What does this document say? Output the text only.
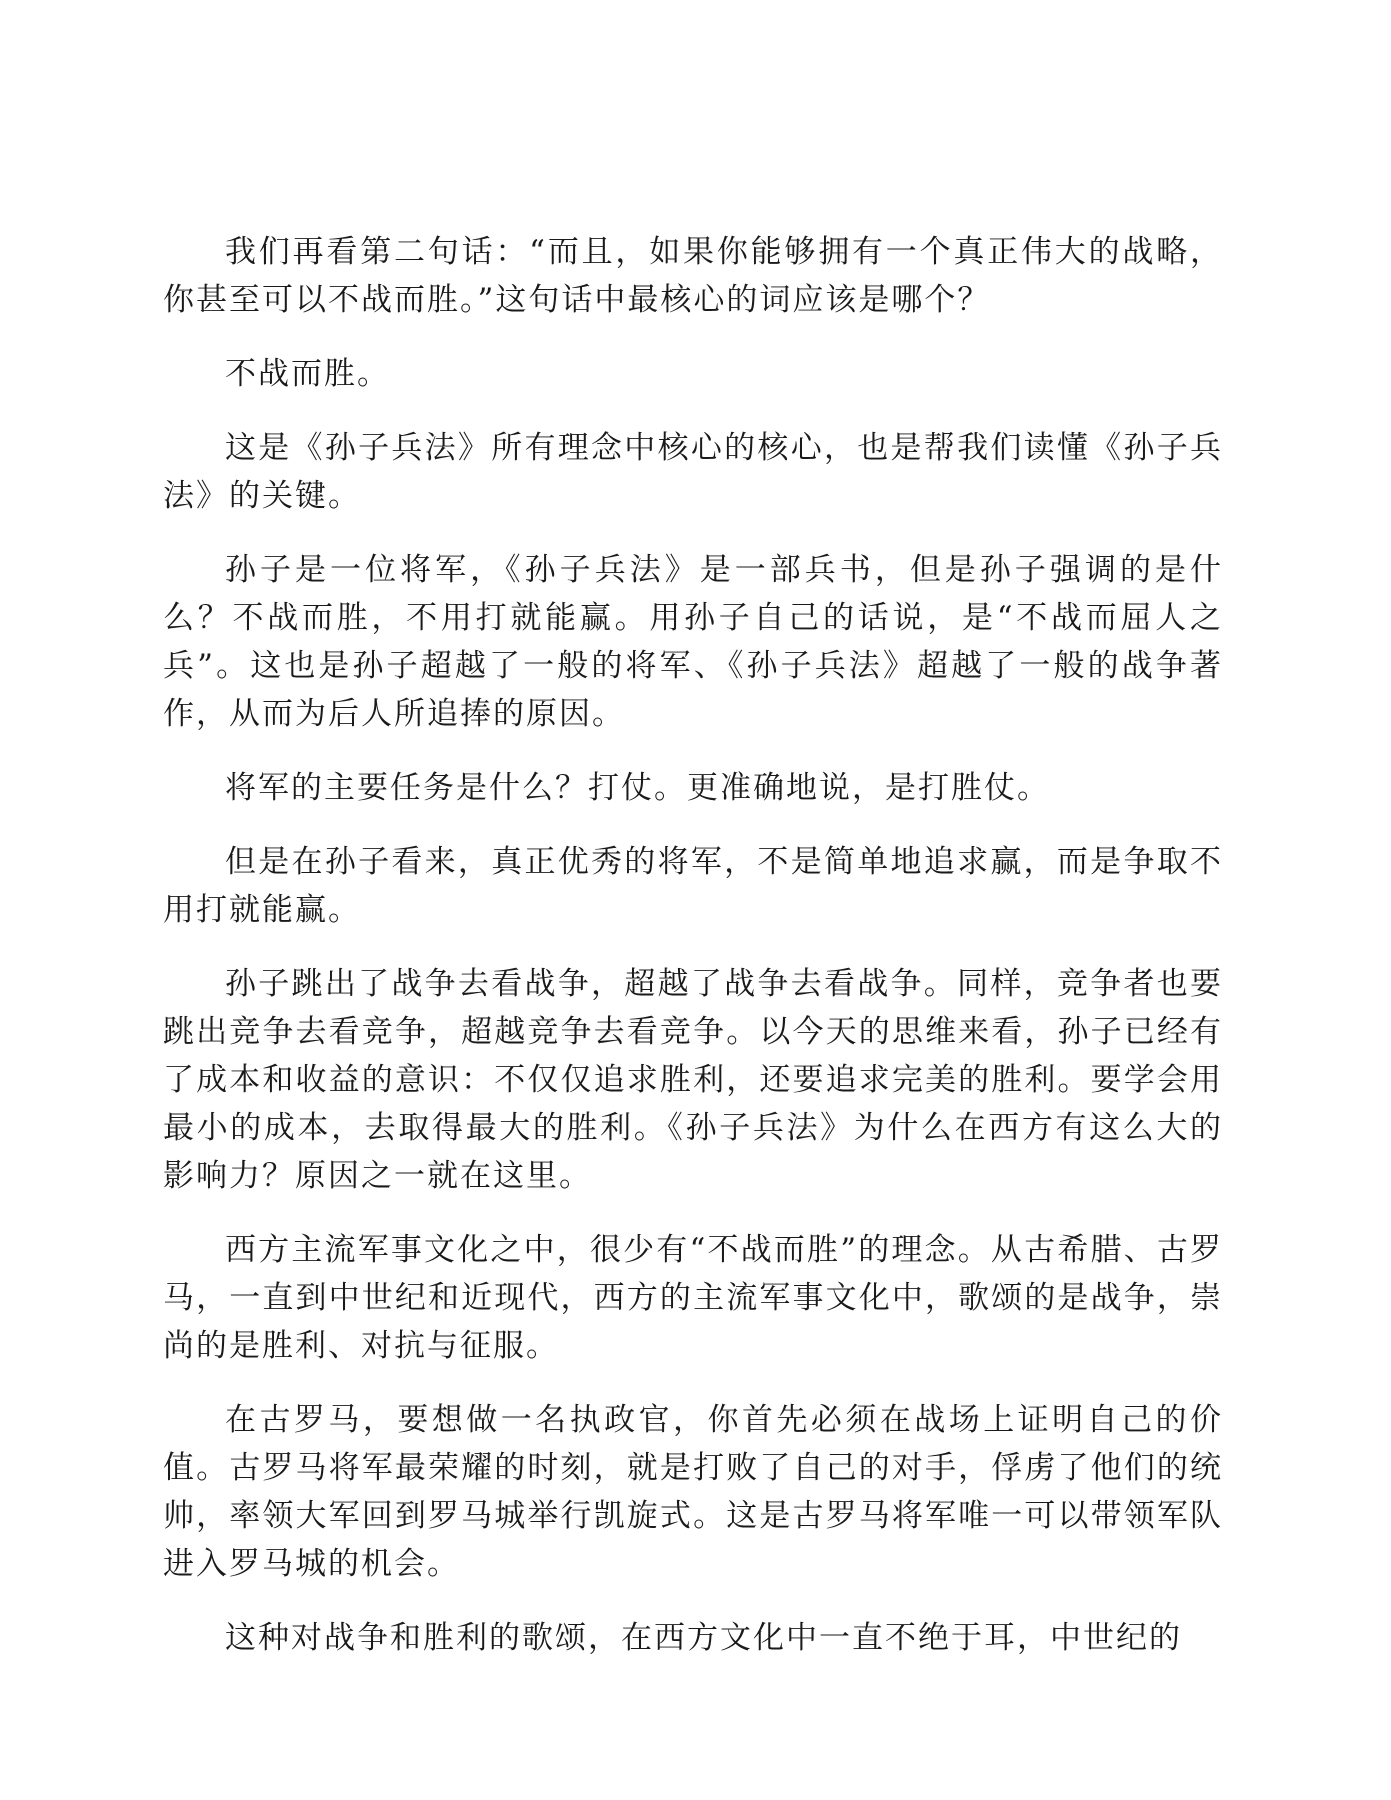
我们再看第二句话：“而且，如果你能够拥有一个真正伟大的战略，你甚至可以不战而胜。”这句话中最核心的词应该是哪个？

不战而胜。

这是《孙子兵法》所有理念中核心的核心，也是帮我们读懂《孙子兵法》的关键。

孙子是一位将军，《孙子兵法》是一部兵书，但是孙子强调的是什么？不战而胜，不用打就能赢。用孙子自己的话说，是“不战而屈人之兵”。这也是孙子超越了一般的将军、《孙子兵法》超越了一般的战争著作，从而为后人所追捧的原因。

将军的主要任务是什么？打仗。更准确地说，是打胜仗。

但是在孙子看来，真正优秀的将军，不是简单地追求赢，而是争取不用打就能赢。

孙子跳出了战争去看战争，超越了战争去看战争。同样，竞争者也要跳出竞争去看竞争，超越竞争去看竞争。以今天的思维来看，孙子已经有了成本和收益的意识：不仅仅追求胜利，还要追求完美的胜利。要学会用最小的成本，去取得最大的胜利。《孙子兵法》为什么在西方有这么大的影响力？原因之一就在这里。

西方主流军事文化之中，很少有“不战而胜”的理念。从古希腊、古罗马，一直到中世纪和近现代，西方的主流军事文化中，歌颂的是战争，崇尚的是胜利、对抗与征服。

在古罗马，要想做一名执政官，你首先必须在战场上证明自己的价值。古罗马将军最荣耀的时刻，就是打败了自己的对手，俘虏了他们的统帅，率领大军回到罗马城举行凯旋式。这是古罗马将军唯一可以带领军队进入罗马城的机会。

这种对战争和胜利的歌颂，在西方文化中一直不绝于耳，中世纪的
